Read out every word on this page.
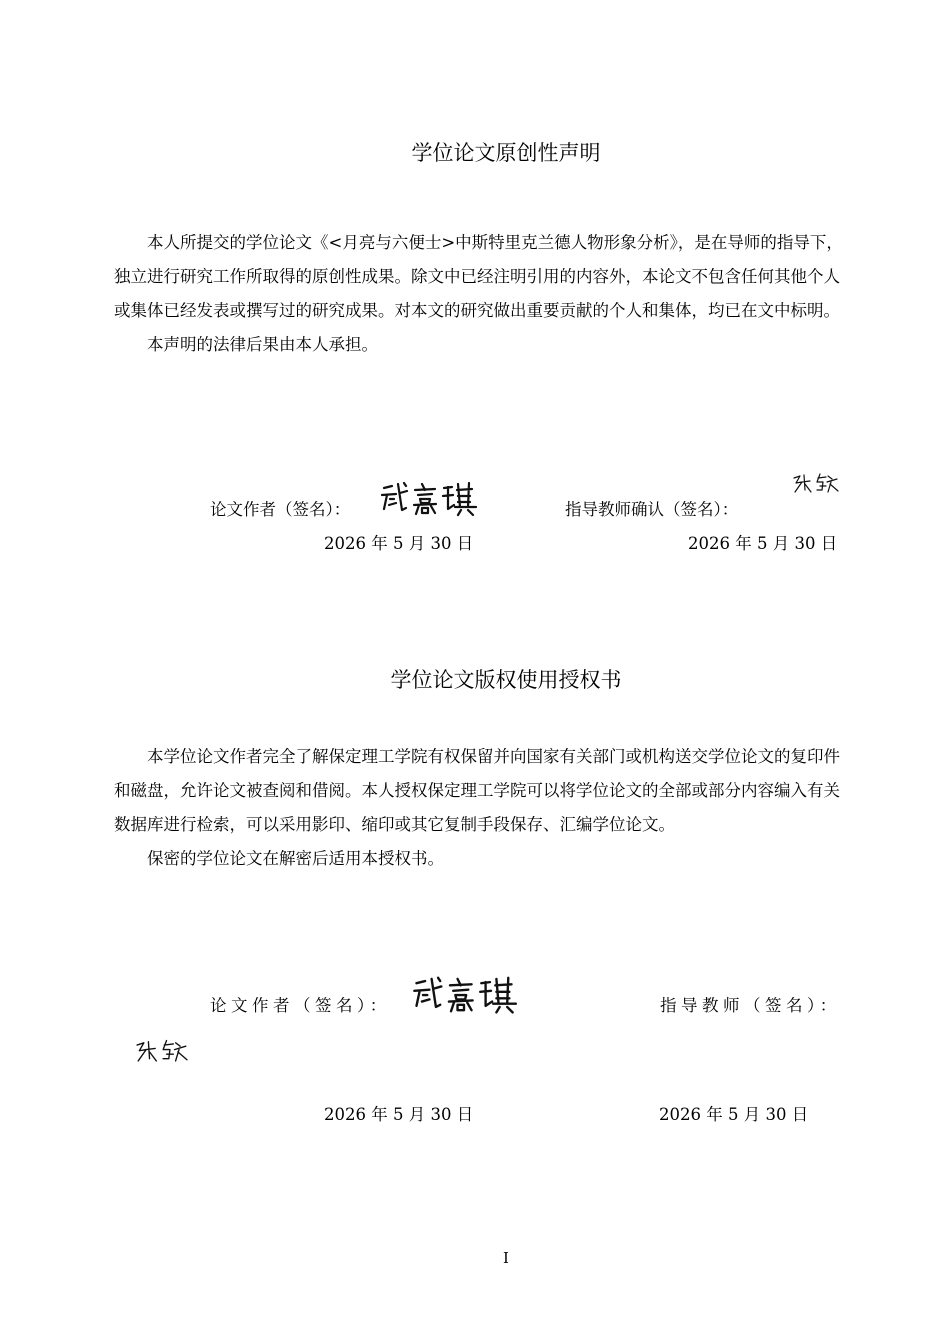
学位论文原创性声明

本人所提交的学位论文《<月亮与六便士>中斯特里克兰德人物形象分析》，是在导师的指导下，独立进行研究工作所取得的原创性成果。除文中已经注明引用的内容外，本论文不包含任何其他个人或集体已经发表或撰写过的研究成果。对本文的研究做出重要贡献的个人和集体，均已在文中标明。

本声明的法律后果由本人承担。

论文作者（签名）：	指导教师确认（签名）：
2026 年 5 月 30 日	2026 年 5 月 30 日
学位论文版权使用授权书

本学位论文作者完全了解保定理工学院有权保留并向国家有关部门或机构送交学位论文的复印件和磁盘，允许论文被查阅和借阅。本人授权保定理工学院可以将学位论文的全部或部分内容编入有关数据库进行检索，可以采用影印、缩印或其它复制手段保存、汇编学位论文。

保密的学位论文在解密后适用本授权书。

论文作者（签名）：	指导教师（签名）：
2026 年 5 月 30 日	2026 年 5 月 30 日
I
